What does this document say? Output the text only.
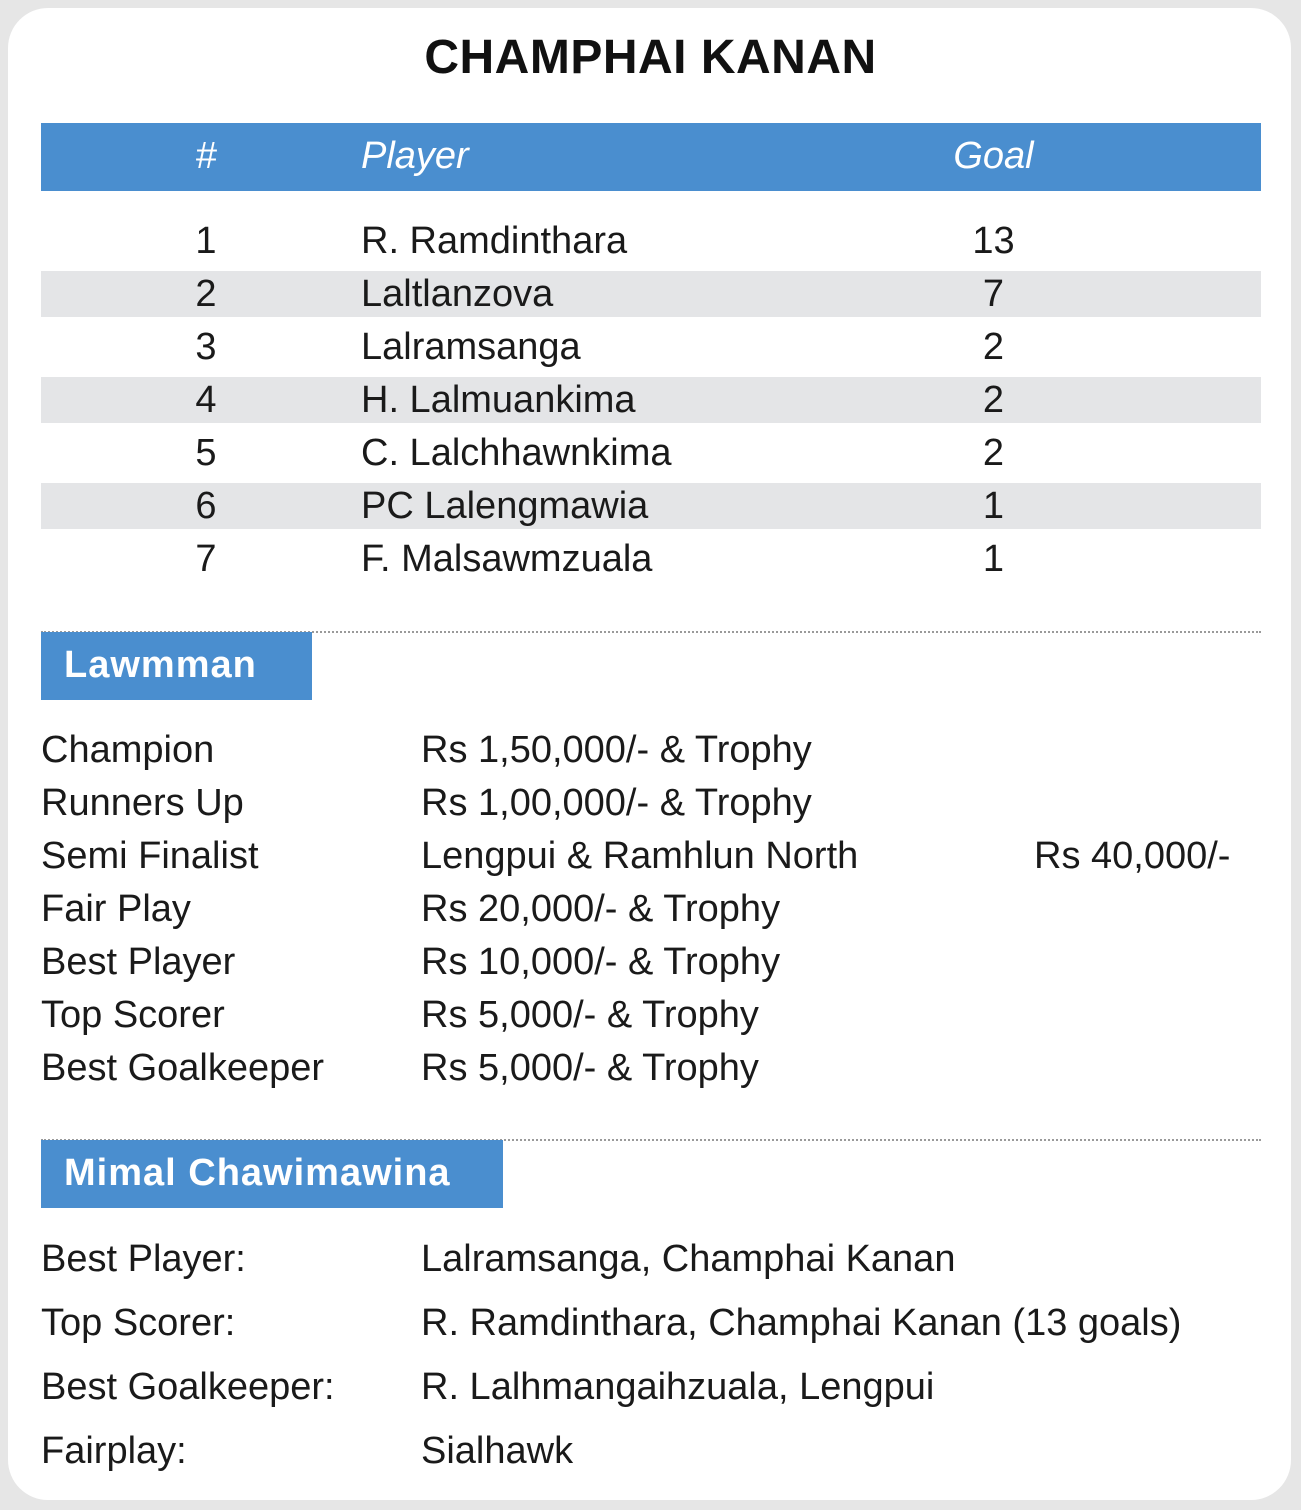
CHAMPHAI KANAN
#	Player	Goal
1	R. Ramdinthara	13
2	Laltlanzova	7
3	Lalramsanga	2
4	H. Lalmuankima	2
5	C. Lalchhawnkima	2
6	PC Lalengmawia	1
7	F. Malsawmzuala	1
Lawmman
Champion	Rs 1,50,000/- & Trophy
Runners Up	Rs 1,00,000/- & Trophy
Semi Finalist	Lengpui & Ramhlun North	Rs 40,000/-
Fair Play	Rs 20,000/- & Trophy
Best Player	Rs 10,000/- & Trophy
Top Scorer	Rs 5,000/- & Trophy
Best Goalkeeper	Rs 5,000/- & Trophy
Mimal Chawimawina
Best Player:	Lalramsanga, Champhai Kanan
Top Scorer:	R. Ramdinthara, Champhai Kanan (13 goals)
Best Goalkeeper: R. Lalhmangaihzuala, Lengpui
Fairplay:	Sialhawk
